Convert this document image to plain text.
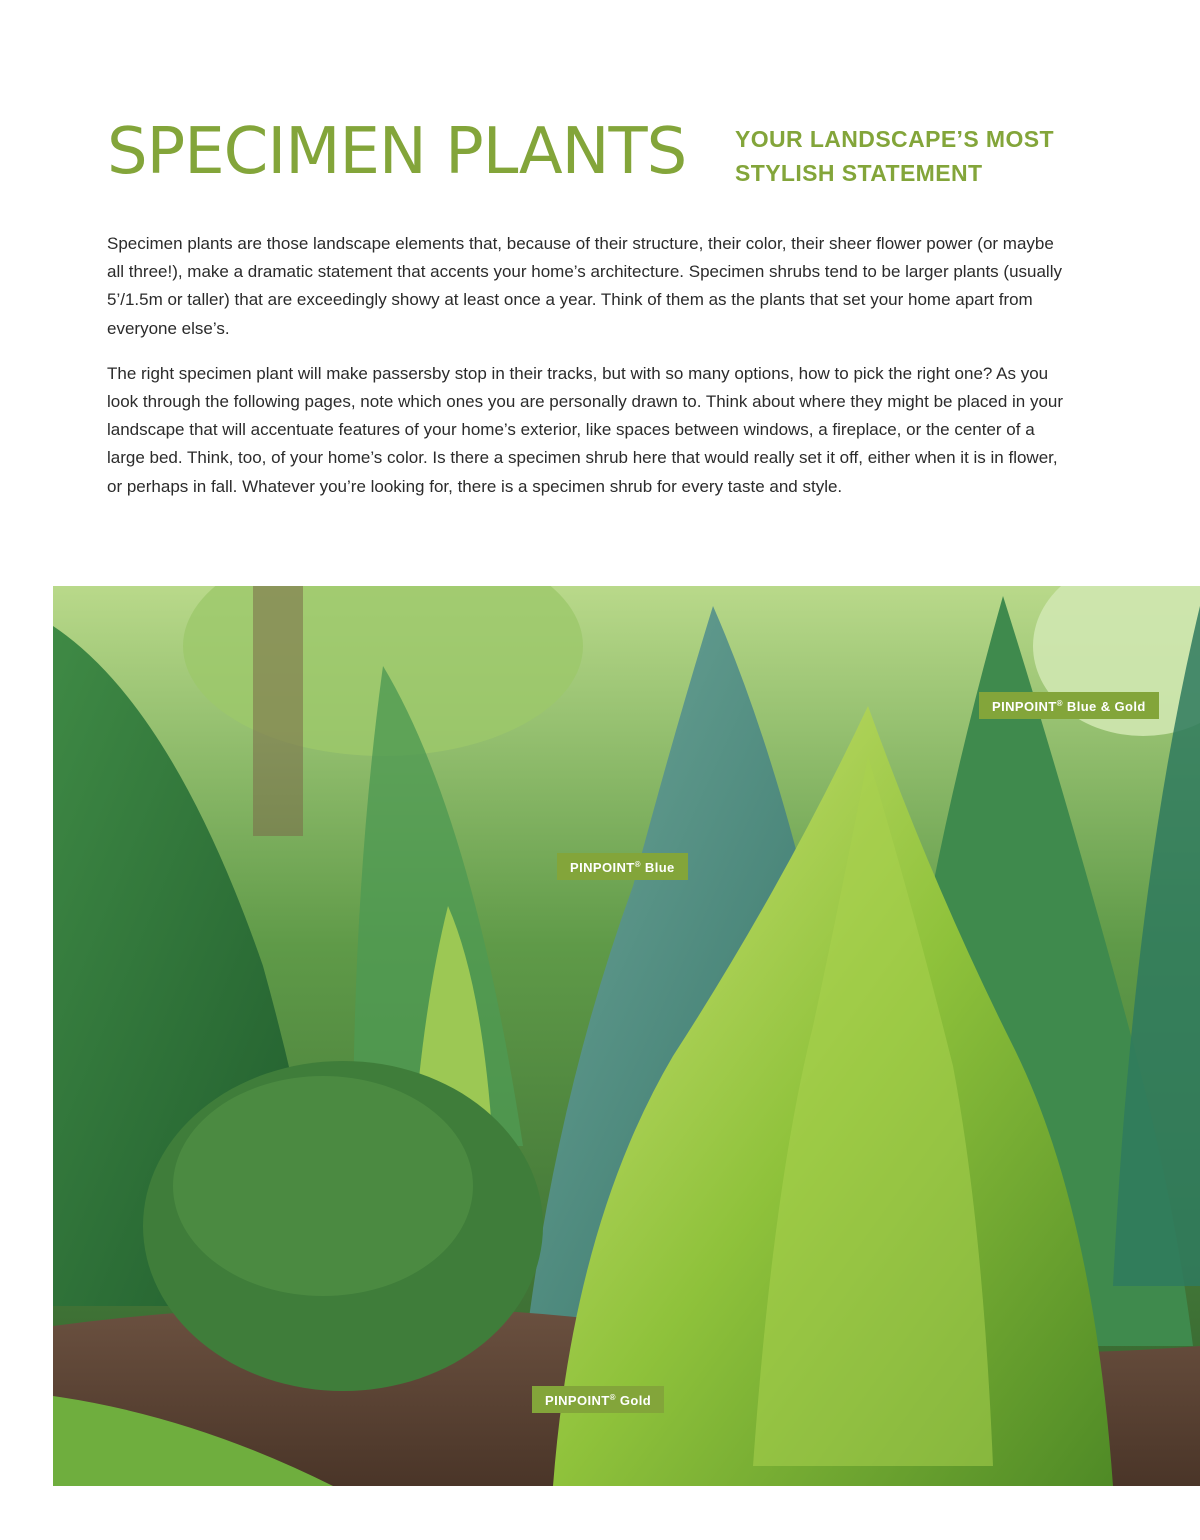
SPECIMEN PLANTS YOUR LANDSCAPE’S MOST
STYLISH STATEMENT

Specimen plants are those landscape elements that, because of their structure, their color, their sheer flower power (or maybe all three!), make a dramatic statement that accents your home’s architecture. Specimen shrubs tend to be larger plants (usually 5’/1.5m or taller) that are exceedingly showy at least once a year. Think of them as the plants that set your home apart from everyone else’s.

The right specimen plant will make passersby stop in their tracks, but with so many options, how to pick the right one? As you look through the following pages, note which ones you are personally drawn to. Think about where they might be placed in your landscape that will accentuate features of your home’s exterior, like spaces between windows, a fireplace, or the center of a large bed. Think, too, of your home’s color. Is there a specimen shrub here that would really set it off, either when it is in flower, or perhaps in fall. Whatever you’re looking for, there is a specimen shrub for every taste and style.

PINPOINT® Blue & Gold
PINPOINT® Blue
PINPOINT® Gold
